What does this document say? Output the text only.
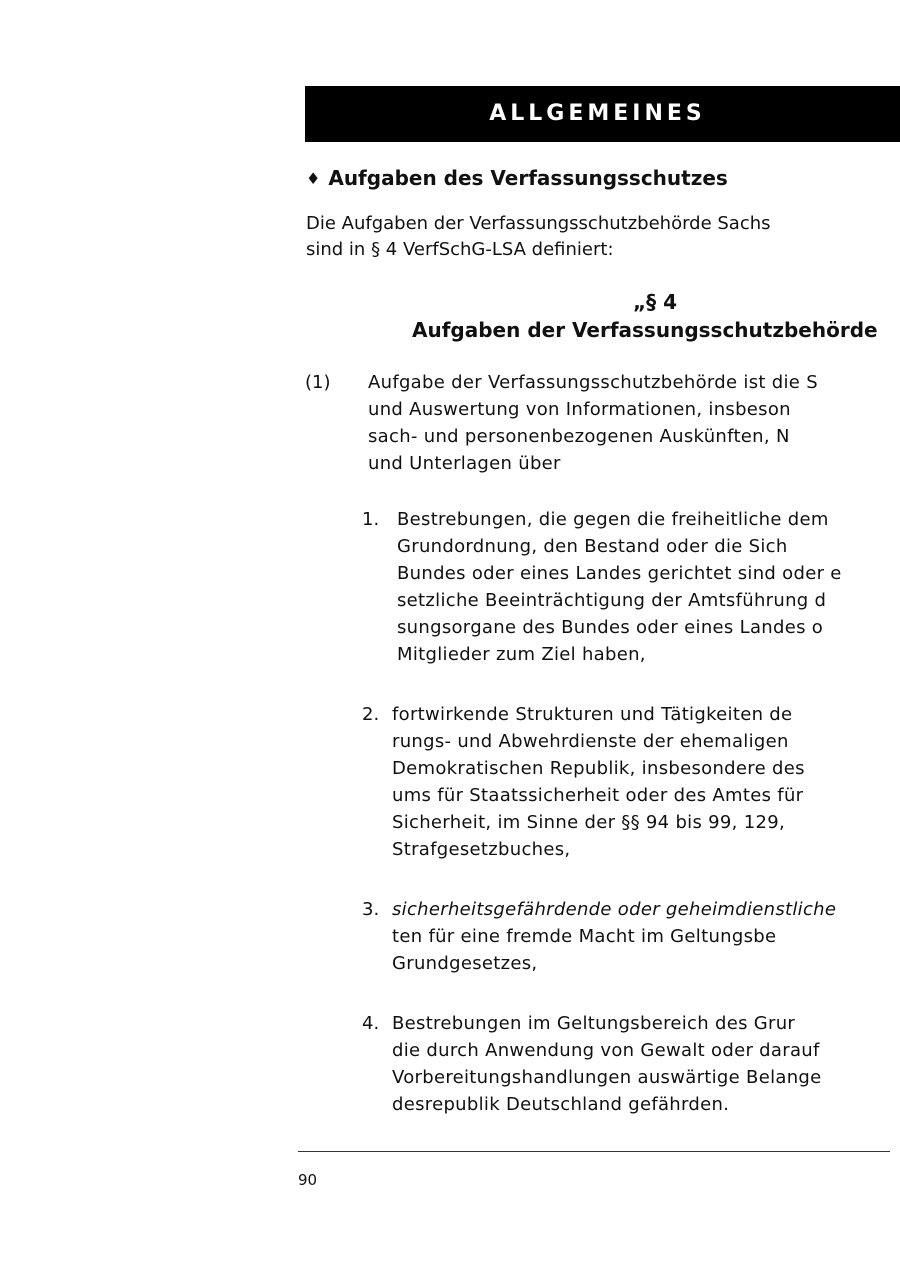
ALLGEMEINES
♦ Aufgaben des Verfassungsschutzes
Die Aufgaben der Verfassungsschutzbehörde Sachs
sind in § 4 VerfSchG-LSA definiert:
„§ 4
Aufgaben der Verfassungsschutzbehörde
(1) Aufgabe der Verfassungsschutzbehörde ist die S
und Auswertung von Informationen, insbeson
sach- und personenbezogenen Auskünften, N
und Unterlagen über
1. Bestrebungen, die gegen die freiheitliche dem
Grundordnung, den Bestand oder die Sich
Bundes oder eines Landes gerichtet sind oder e
setzliche Beeinträchtigung der Amtsführung d
sungsorgane des Bundes oder eines Landes o
Mitglieder zum Ziel haben,
2. fortwirkende Strukturen und Tätigkeiten de
rungs- und Abwehrdienste der ehemaligen
Demokratischen Republik, insbesondere des
ums für Staatssicherheit oder des Amtes für
Sicherheit, im Sinne der §§ 94 bis 99, 129,
Strafgesetzbuches,
3. sicherheitsgefährdende oder geheimdienstliche
ten für eine fremde Macht im Geltungsbe
Grundgesetzes,
4. Bestrebungen im Geltungsbereich des Grur
die durch Anwendung von Gewalt oder darauf
Vorbereitungshandlungen auswärtige Belange
desrepublik Deutschland gefährden.
90
